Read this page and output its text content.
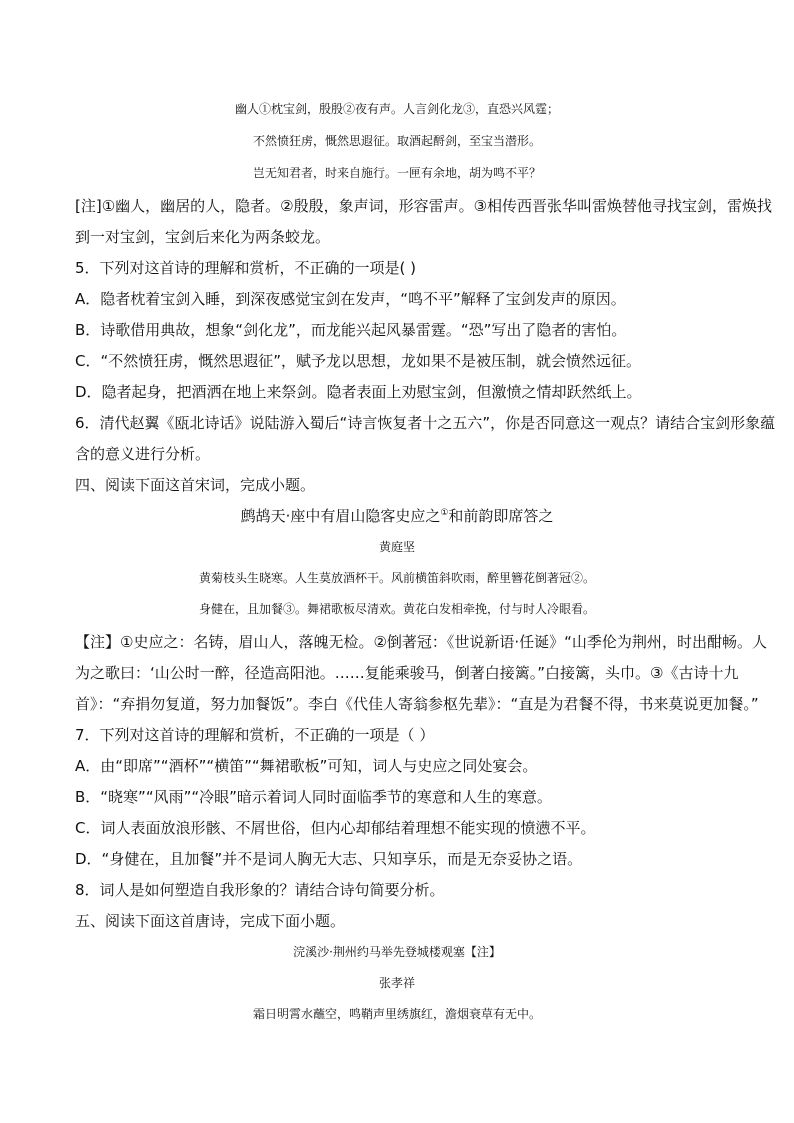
幽人①枕宝剑，殷殷②夜有声。人言剑化龙③，直恐兴风霆；
不然愤狂虏，慨然思遐征。取酒起酹剑，至宝当潜形。
岂无知君者，时来自施行。一匣有余地，胡为鸣不平？
[注]①幽人，幽居的人，隐者。②殷殷，象声词，形容雷声。③相传西晋张华叫雷焕替他寻找宝剑，雷焕找
到一对宝剑，宝剑后来化为两条蛟龙。
5．下列对这首诗的理解和赏析，不正确的一项是( )
A．隐者枕着宝剑入睡，到深夜感觉宝剑在发声，“鸣不平”解释了宝剑发声的原因。
B．诗歌借用典故，想象“剑化龙”，而龙能兴起风暴雷霆。“恐”写出了隐者的害怕。
C．“不然愤狂虏，慨然思遐征”，赋予龙以思想，龙如果不是被压制，就会愤然远征。
D．隐者起身，把酒洒在地上来祭剑。隐者表面上劝慰宝剑，但激愤之情却跃然纸上。
6．清代赵翼《瓯北诗话》说陆游入蜀后“诗言恢复者十之五六”，你是否同意这一观点？请结合宝剑形象蕴
含的意义进行分析。
四、阅读下面这首宋词，完成小题。
鹧鸪天·座中有眉山隐客史应之①和前韵即席答之
黄庭坚
黄菊枝头生晓寒。人生莫放酒杯干。风前横笛斜吹雨，醉里簪花倒著冠②。
身健在，且加餐③。舞裙歌板尽清欢。黄花白发相牵挽，付与时人冷眼看。
【注】①史应之：名铸，眉山人，落魄无检。②倒著冠：《世说新语·任诞》“山季伦为荆州，时出酣畅。人
为之歌曰：‘山公时一醉，径造高阳池。……复能乘骏马，倒著白接篱。”白接篱，头巾。③《古诗十九
首》：“弃捐勿复道，努力加餐饭”。李白《代佳人寄翁参枢先辈》：“直是为君餐不得，书来莫说更加餐。”
7．下列对这首诗的理解和赏析，不正确的一项是（ ）
A．由“即席”“酒杯”“横笛”“舞裙歌板”可知，词人与史应之同处宴会。
B．“晓寒”“风雨”“冷眼”暗示着词人同时面临季节的寒意和人生的寒意。
C．词人表面放浪形骸、不屑世俗，但内心却郁结着理想不能实现的愤懑不平。
D．“身健在，且加餐”并不是词人胸无大志、只知享乐，而是无奈妥协之语。
8．词人是如何塑造自我形象的？请结合诗句简要分析。
五、阅读下面这首唐诗，完成下面小题。
浣溪沙·荆州约马举先登城楼观塞【注】
张孝祥
霜日明霄水蘸空，鸣鞘声里绣旗红，澹烟衰草有无中。
